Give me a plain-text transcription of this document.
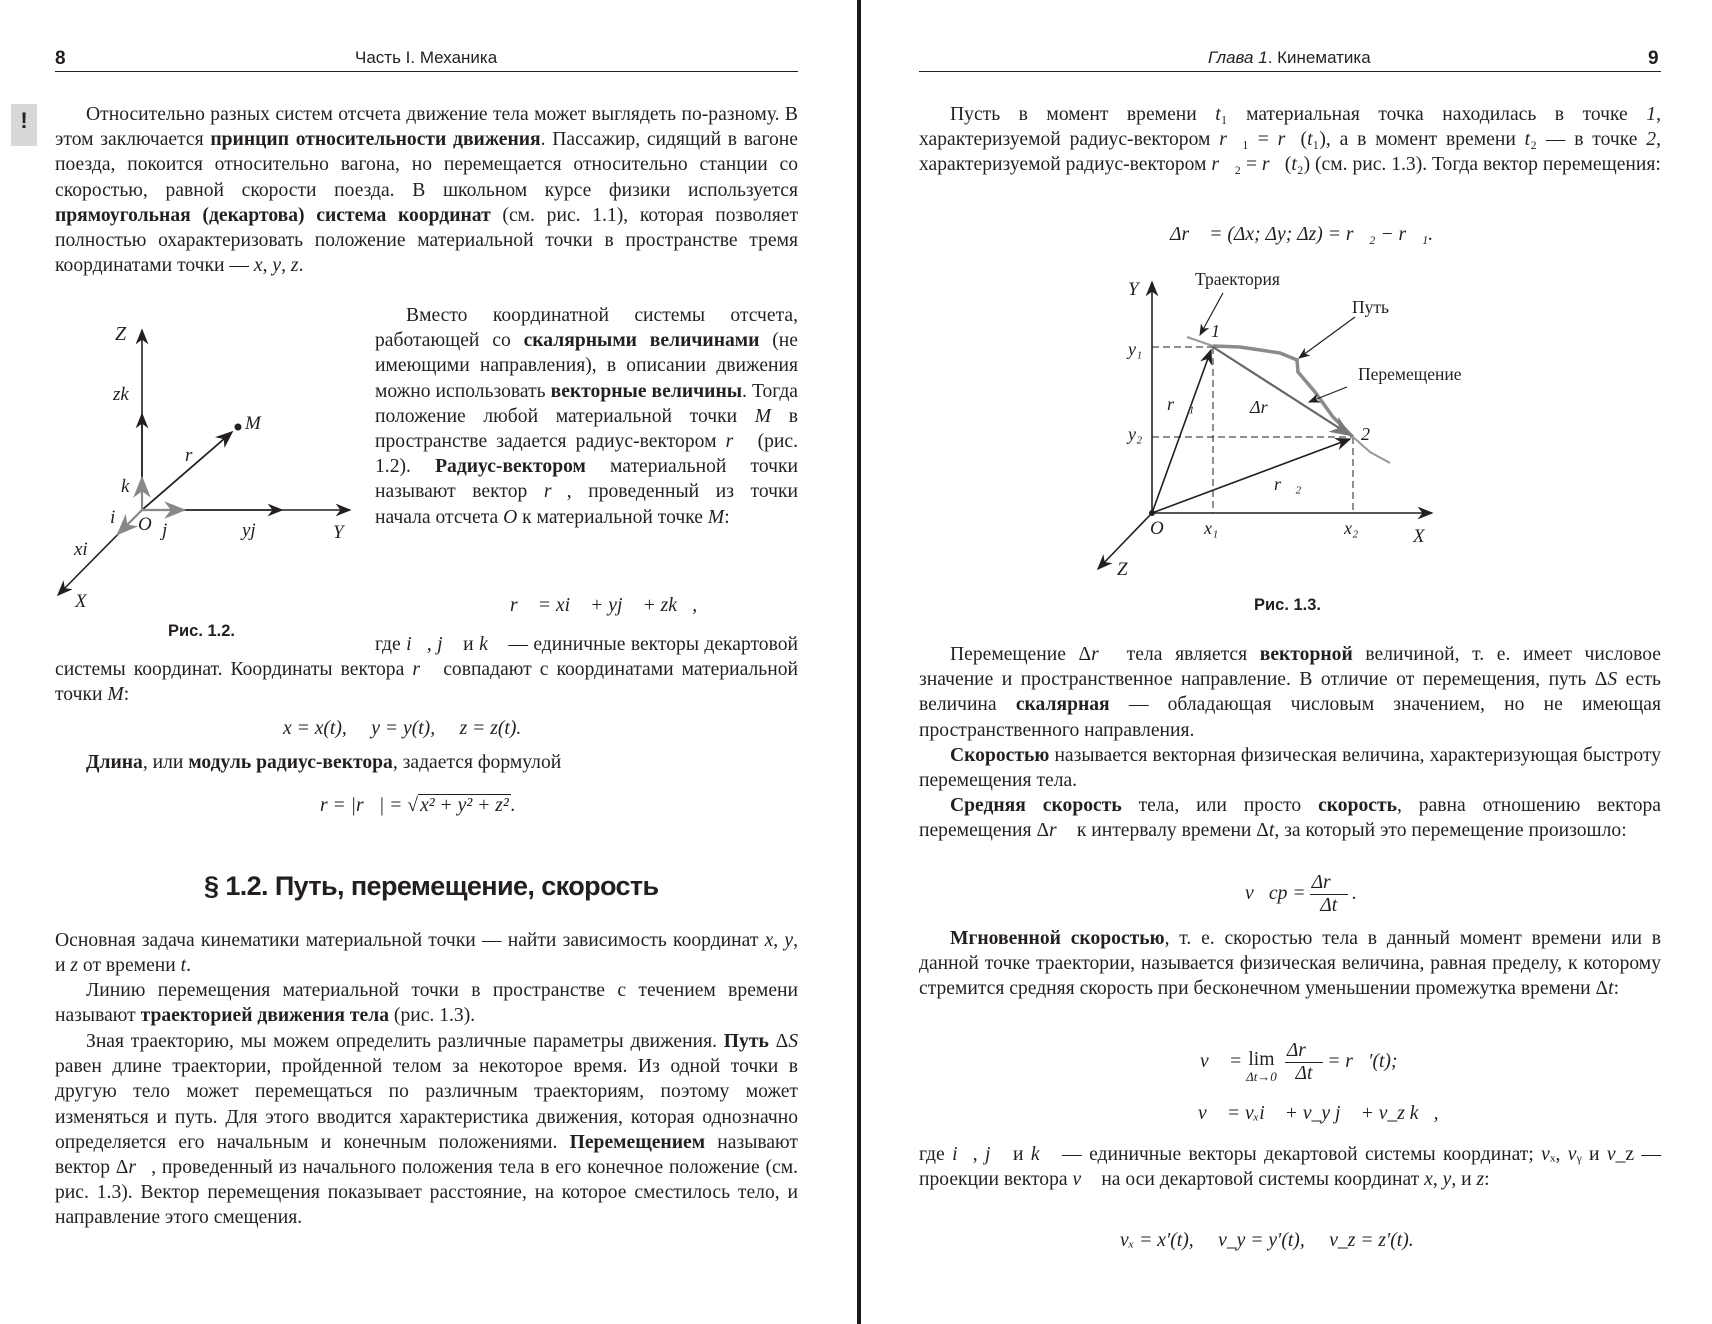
8	Часть I. Механика
!	Относительно разных систем отсчета движение тела может выглядеть по-разному. В этом заключается принцип относительности движения. Пассажир, сидящий в вагоне поезда, покоится относительно вагона, но перемещается относительно станции со скоростью, равной скорости поезда. В школьном курсе физики используется прямоугольная (декартова) система координат (см. рис. 1.1), которая позволяет полностью охарактеризовать положение материальной точки в пространстве тремя координатами точки — x, y, z.
Z
zk⃗
k⃗
i⃗ O j⃗	yj⃗	Y
xi⃗
X
M
r⃗
Рис. 1.2.
Вместо координатной системы отсчета, работающей со скалярными величинами (не имеющими направления), в описании движения можно использовать векторные величины. Тогда положение любой материальной точки M в пространстве задается радиус-вектором r⃗ (рис. 1.2). Радиус-вектором материальной точки называют вектор r⃗, проведенный из точки начала отсчета O к материальной точке M:
r⃗ = xi⃗ + yj⃗ + zk⃗,
где i⃗, j⃗ и k⃗ — единичные векторы декартовой системы координат. Координаты вектора r⃗ совпадают с координатами материальной точки M:
x = x(t),     y = y(t),     z = z(t).
Длина, или модуль радиус-вектора, задается формулой
r = |r⃗| = √ x² + y² + z² .
§ 1.2. Путь, перемещение, скорость
Основная задача кинематики материальной точки — найти зависимость координат x, y, и z от времени t.
Линию перемещения материальной точки в пространстве с течением времени называют траекторией движения тела (рис. 1.3).
Зная траекторию, мы можем определить различные параметры движения. Путь ΔS равен длине траектории, пройденной телом за некоторое время. Из одной точки в другую тело может перемещаться по различным траекториям, поэтому может изменяться и путь. Для этого вводится характеристика движения, которая однозначно определяется его начальным и конечным положениями. Перемещением называют вектор Δr⃗, проведенный из начального положения тела в его конечное положение (см. рис. 1.3). Вектор перемещения показывает расстояние, на которое сместилось тело, и направление этого смещения.
Глава 1. Кинематика	9
Пусть в момент времени t₁ материальная точка находилась в точке 1, характеризуемой радиус-вектором r⃗₁ = r⃗(t₁), а в момент времени t₂ — в точке 2, характеризуемой радиус-вектором r⃗₂ = r⃗(t₂) (см. рис. 1.3). Тогда вектор перемещения:
Δr⃗ = (Δx; Δy; Δz) = r⃗₂ − r⃗₁.
Траектория
Путь
Перемещение
Y
X
Z
O
1
2
y₁
y₂
x₁	x₂
r⃗₁
r⃗₂
Δr⃗
Рис. 1.3.
Перемещение Δr⃗ тела является векторной величиной, т. е. имеет числовое значение и пространственное направление. В отличие от перемещения, путь ΔS есть величина скалярная — обладающая числовым значением, но не имеющая пространственного направления.
Скоростью называется векторная физическая величина, характеризующая быстроту перемещения тела.
Средняя скорость тела, или просто скорость, равна отношению вектора перемещения Δr⃗ к интервалу времени Δt, за который это перемещение произошло:
v⃗ср = $\frac{\Delta r⃗}{\Delta t}$ .
Мгновенной скоростью, т. е. скоростью тела в данный момент времени или в данной точке траектории, называется физическая величина, равная пределу, к которому стремится средняя скорость при бесконечном уменьшении промежутка времени Δt:
v⃗ = lim
$\Delta t\to 0 \frac{\Delta r⃗}{\Delta t}$ = r⃗′(t);
v⃗ = vₓi⃗ + v_y j⃗ + v_z k⃗,
где i⃗, j⃗ и k⃗ — единичные векторы декартовой системы координат; vₓ, vᵧ и v_z — проекции вектора v⃗ на оси декартовой системы координат x, y, и z:
vₓ = x′(t),     v_y = y′(t),     v_z = z′(t).
